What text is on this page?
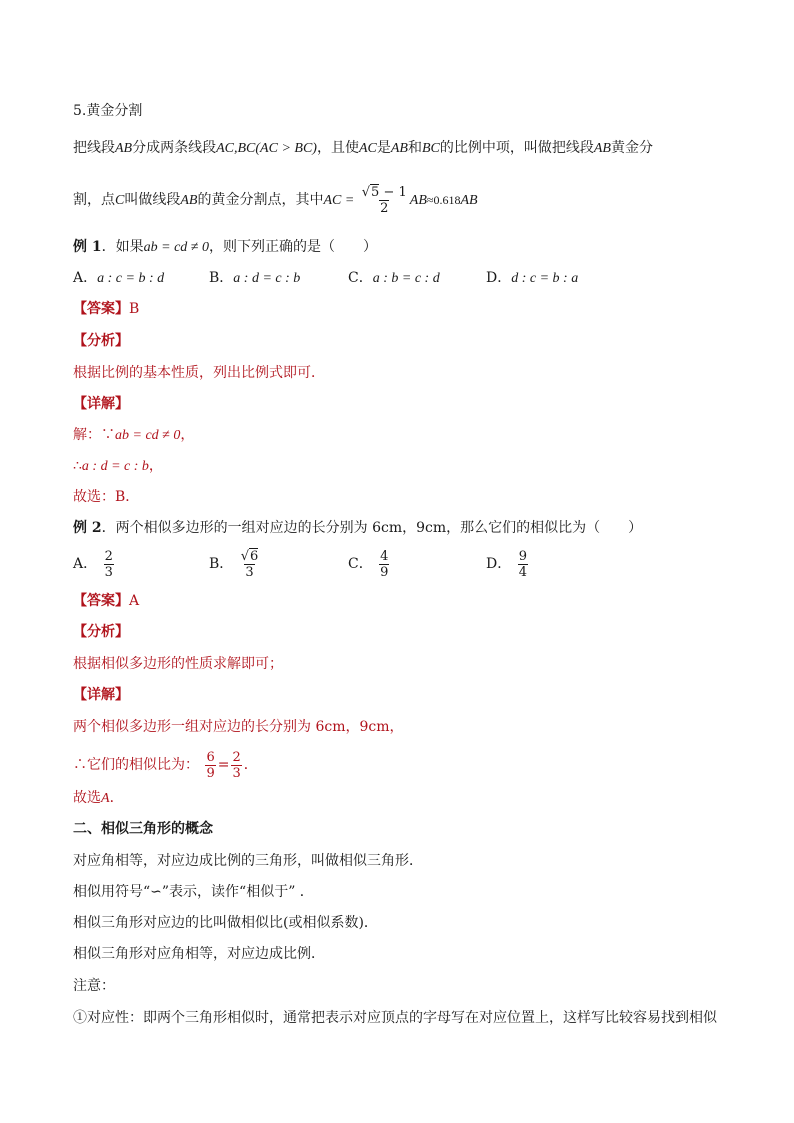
5.黄金分割
把线段AB分成两条线段AC,BC(AC > BC)，且使AC是AB和BC的比例中项，叫做把线段AB黄金分
割，点C叫做线段AB的黄金分割点，其中AC = $\frac{√5 - 1}{2} AB\approx 0.618AB$
例 1．如果ab = cd ≠ 0，则下列正确的是（　　）
A．a : c = b : d	B．a : d = c : b	C．a : b = c : d	D．d : c = b : a
【答案】B
【分析】
根据比例的基本性质，列出比例式即可．
【详解】
解：∵ab = cd ≠ 0，
∴a : d = c : b，
故选：B．
例 2．两个相似多边形的一组对应边的长分别为 6cm，9cm，那么它们的相似比为（　　）
A． $\frac{2}{3}$	B． $\frac{√6}{3}$	C． $\frac{4}{9}$	D． $\frac{9}{4}$
【答案】A
【分析】
根据相似多边形的性质求解即可；
【详解】
两个相似多边形一组对应边的长分别为 6cm，9cm，
∴它们的相似比为： $\frac{6}{9} = \frac{2}{3}$ ．
故选A．
二、相似三角形的概念
对应角相等，对应边成比例的三角形，叫做相似三角形．
相似用符号“∽”表示，读作“相似于” ．
相似三角形对应边的比叫做相似比(或相似系数)．
相似三角形对应角相等，对应边成比例．
注意：
①对应性：即两个三角形相似时，通常把表示对应顶点的字母写在对应位置上，这样写比较容易找到相似
